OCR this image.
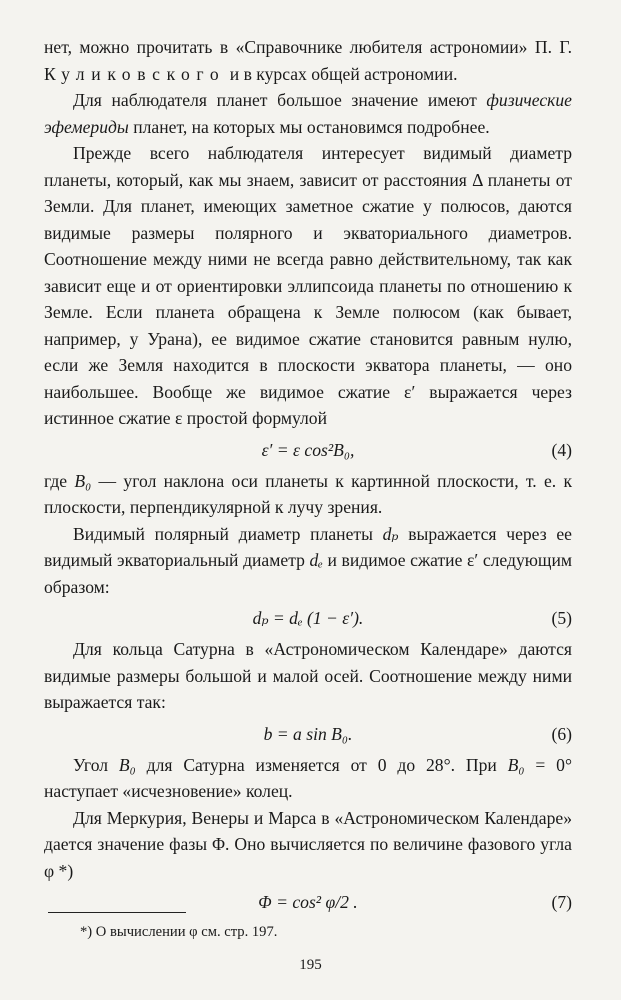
нет, можно прочитать в «Справочнике любителя астрономии» П. Г. Куликовского и в курсах общей астрономии.

Для наблюдателя планет большое значение имеют физические эфемериды планет, на которых мы остановимся подробнее.

Прежде всего наблюдателя интересует видимый диаметр планеты, который, как мы знаем, зависит от расстояния Δ планеты от Земли. Для планет, имеющих заметное сжатие у полюсов, даются видимые размеры полярного и экваториального диаметров. Соотношение между ними не всегда равно действительному, так как зависит еще и от ориентировки эллипсоида планеты по отношению к Земле. Если планета обращена к Земле полюсом (как бывает, например, у Урана), ее видимое сжатие становится равным нулю, если же Земля находится в плоскости экватора планеты, — оно наибольшее. Вообще же видимое сжатие ε′ выражается через истинное сжатие ε простой формулой

ε′ = ε cos²B₀,	(4)

где B₀ — угол наклона оси планеты к картинной плоскости, т. е. к плоскости, перпендикулярной к лучу зрения.

Видимый полярный диаметр планеты dₚ выражается через ее видимый экваториальный диаметр dₑ и видимое сжатие ε′ следующим образом:

dₚ = dₑ (1 − ε′).	(5)

Для кольца Сатурна в «Астрономическом Календаре» даются видимые размеры большой и малой осей. Соотношение между ними выражается так:

b = a sin B₀.	(6)

Угол B₀ для Сатурна изменяется от 0 до 28°. При B₀ = 0° наступает «исчезновение» колец.

Для Меркурия, Венеры и Марса в «Астрономическом Календаре» дается значение фазы Φ. Оно вычисляется по величине фазового угла φ *)

Φ = cos² φ/2 .	(7)
*) О вычислении φ см. стр. 197.
195
